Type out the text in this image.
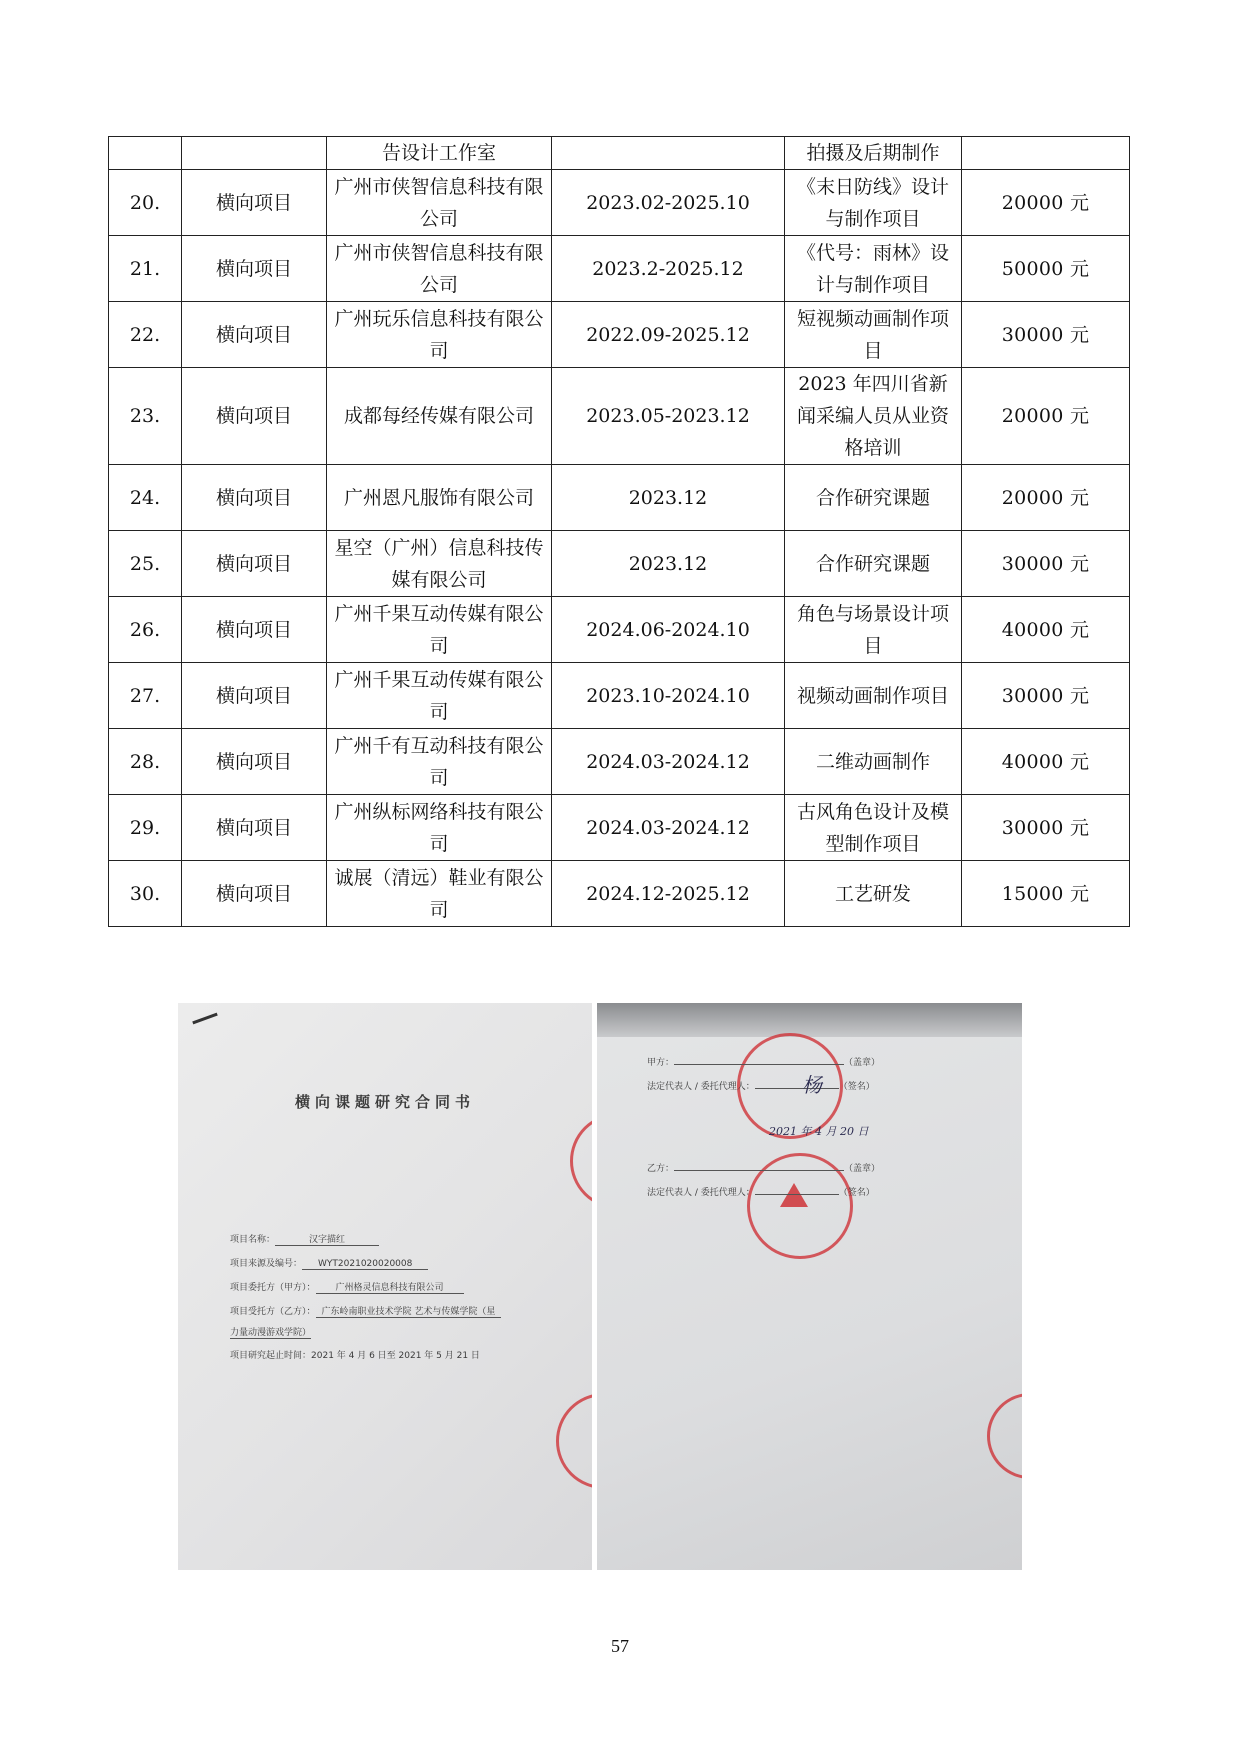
		告设计工作室		拍摄及后期制作	
20.	横向项目	广州市侠智信息科技有限公司	2023.02-2025.10	《末日防线》设计与制作项目	20000 元
21.	横向项目	广州市侠智信息科技有限公司	2023.2-2025.12	《代号：雨林》设计与制作项目	50000 元
22.	横向项目	广州玩乐信息科技有限公司	2022.09-2025.12	短视频动画制作项目	30000 元
23.	横向项目	成都每经传媒有限公司	2023.05-2023.12	2023 年四川省新闻采编人员从业资格培训	20000 元
24.	横向项目	广州恩凡服饰有限公司	2023.12	合作研究课题	20000 元
25.	横向项目	星空（广州）信息科技传媒有限公司	2023.12	合作研究课题	30000 元
26.	横向项目	广州千果互动传媒有限公司	2024.06-2024.10	角色与场景设计项目	40000 元
27.	横向项目	广州千果互动传媒有限公司	2023.10-2024.10	视频动画制作项目	30000 元
28.	横向项目	广州千有互动科技有限公司	2024.03-2024.12	二维动画制作	40000 元
29.	横向项目	广州纵标网络科技有限公司	2024.03-2024.12	古风角色设计及模型制作项目	30000 元
30.	横向项目	诚展（清远）鞋业有限公司	2024.12-2025.12	工艺研发	15000 元
横向课题研究合同书
项目名称：	汉字描红
项目来源及编号： WYT2021020020008
项目委托方（甲方）： 广州格灵信息科技有限公司
项目受托方（乙方）： 广东岭南职业技术学院 艺术与传媒学院（星
力量动漫游戏学院）
项目研究起止时间：2021 年 4 月 6 日至 2021 年 5 月 21 日
甲方：	（盖章）
法定代表人 / 委托代理人：	（签名）
杨
2021 年 4 月 20 日
乙方：	（盖章）
法定代表人 / 委托代理人：	（签名）
57
